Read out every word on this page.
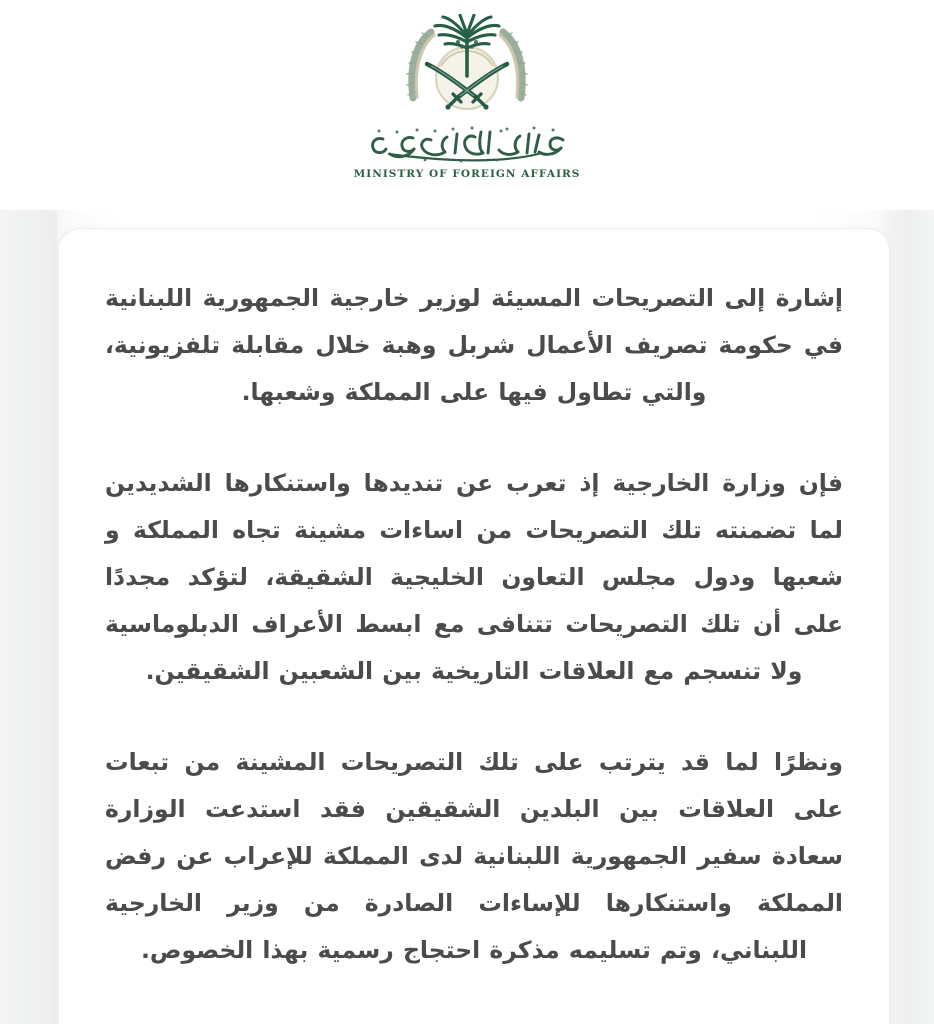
MINISTRY OF FOREIGN AFFAIRS

إشارة إلى التصريحات المسيئة لوزير خارجية الجمهورية اللبنانية في حكومة تصريف الأعمال شربل وهبة خلال مقابلة تلفزيونية، والتي تطاول فيها على المملكة وشعبها.

فإن وزارة الخارجية إذ تعرب عن تنديدها واستنكارها الشديدين لما تضمنته تلك التصريحات من اساءات مشينة تجاه المملكة و شعبها ودول مجلس التعاون الخليجية الشقيقة، لتؤكد مجددًا على أن تلك التصريحات تتنافى مع ابسط الأعراف الدبلوماسية ولا تنسجم مع العلاقات التاريخية بين الشعبين الشقيقين.

ونظرًا لما قد يترتب على تلك التصريحات المشينة من تبعات على العلاقات بين البلدين الشقيقين فقد استدعت الوزارة سعادة سفير الجمهورية اللبنانية لدى المملكة للإعراب عن رفض المملكة واستنكارها للإساءات الصادرة من وزير الخارجية اللبناني، وتم تسليمه مذكرة احتجاج رسمية بهذا الخصوص.
